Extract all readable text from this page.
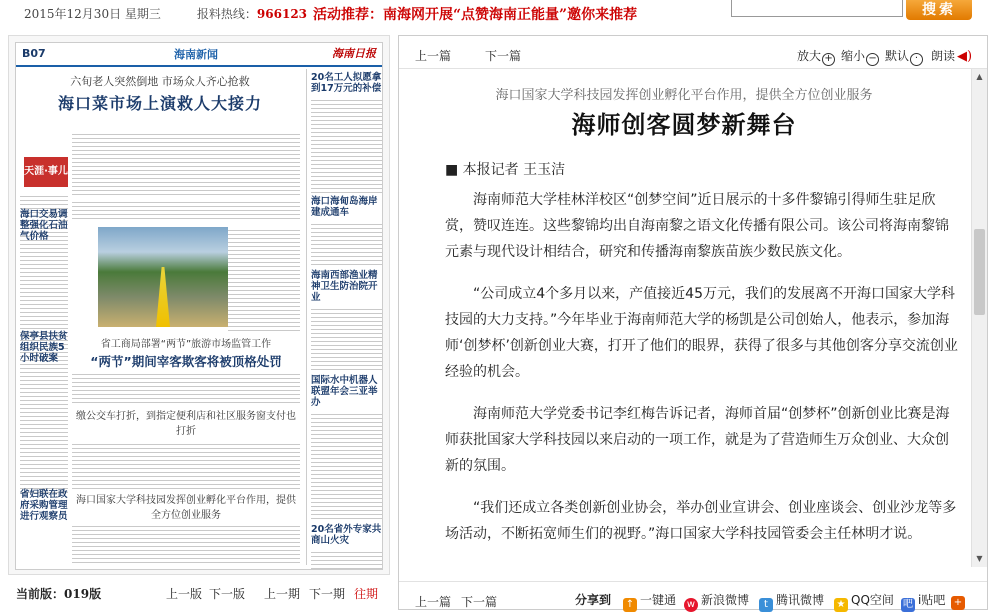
2015年12月30日 星期三	报料热线：966123 活动推荐：南海网开展“点赞海南正能量”邀你来推荐	搜索
B07	海南新闻	海南日报
六旬老人突然倒地 市场众人齐心抢救
海口菜市场上演救人大接力
天涯·事儿
海口交易调整强化石油气价格
保亭县扶贫组织民族5小时破案
省妇联在政府采购管理进行观察员
省工商局部署“两节”旅游市场监管工作
“两节”期间宰客欺客将被顶格处罚
缴公交车打折，到指定便利店和社区服务窗支付也打折
海口国家大学科技园发挥创业孵化平台作用，提供全方位创业服务
20名工人拟愿拿到17万元的补偿
海口海甸岛海岸建成通车
海南西部渔业精神卫生防治院开业
国际水中机器人联盟年会三亚举办
20名省外专家共商山火灾
当前版：019版	上一版 下一版 上一期 下一期 往期
上一篇	下一篇	放大 + 缩小 − 默认 ·	朗读 ◀)
海口国家大学科技园发挥创业孵化平台作用，提供全方位创业服务
海师创客圆梦新舞台
■ 本报记者 王玉洁

海南师范大学桂林洋校区“创梦空间”近日展示的十多件黎锦引得师生驻足欣赏，赞叹连连。这些黎锦均出自海南黎之语文化传播有限公司。该公司将海南黎锦元素与现代设计相结合，研究和传播海南黎族苗族少数民族文化。

“公司成立4个多月以来，产值接近45万元，我们的发展离不开海口国家大学科技园的大力支持。”今年毕业于海南师范大学的杨凯是公司创始人，他表示，参加海师‘创梦杯’创新创业大赛，打开了他们的眼界，获得了很多与其他创客分享交流创业经验的机会。

海南师范大学党委书记李红梅告诉记者，海师首届“创梦杯”创新创业比赛是海师获批国家大学科技园以来启动的一项工作，就是为了营造师生万众创业、大众创新的氛围。

“我们还成立各类创新创业协会，举办创业宣讲会、创业座谈会、创业沙龙等多场活动，不断拓宽师生们的视野。”海口国家大学科技园管委会主任林明才说。

▲
▼
上一篇 下一篇	分享到 ↑ 一键通 w 新浪微博	t 腾讯微博 ★ QQ空间 吧 i贴吧 +
